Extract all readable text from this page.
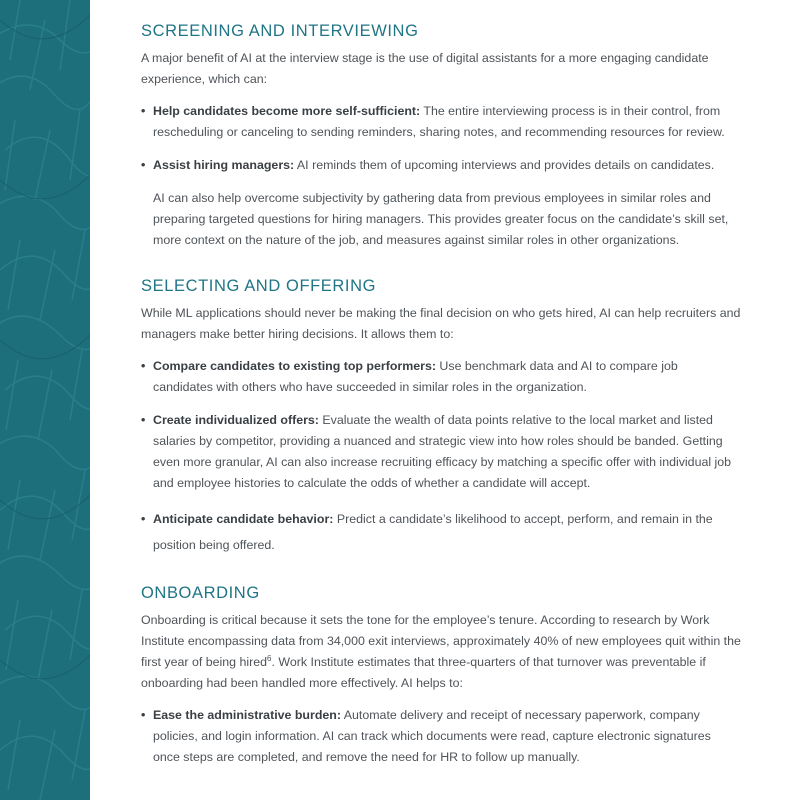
SCREENING AND INTERVIEWING

A major benefit of AI at the interview stage is the use of digital assistants for a more engaging candidate experience, which can:

• Help candidates become more self-sufficient: The entire interviewing process is in their control, from rescheduling or canceling to sending reminders, sharing notes, and recommending resources for review.
• Assist hiring managers: AI reminds them of upcoming interviews and provides details on candidates.

AI can also help overcome subjectivity by gathering data from previous employees in similar roles and preparing targeted questions for hiring managers. This provides greater focus on the candidate’s skill set, more context on the nature of the job, and measures against similar roles in other organizations.

SELECTING AND OFFERING

While ML applications should never be making the final decision on who gets hired, AI can help recruiters and managers make better hiring decisions. It allows them to:

• Compare candidates to existing top performers: Use benchmark data and AI to compare job candidates with others who have succeeded in similar roles in the organization.
• Create individualized offers: Evaluate the wealth of data points relative to the local market and listed salaries by competitor, providing a nuanced and strategic view into how roles should be banded. Getting even more granular, AI can also increase recruiting efficacy by matching a specific offer with individual job and employee histories to calculate the odds of whether a candidate will accept.
• Anticipate candidate behavior: Predict a candidate’s likelihood to accept, perform, and remain in the position being offered.
ONBOARDING

Onboarding is critical because it sets the tone for the employee’s tenure. According to research by Work Institute encompassing data from 34,000 exit interviews, approximately 40% of new employees quit within the first year of being hired$^6$. Work Institute estimates that three-quarters of that turnover was preventable if onboarding had been handled more effectively. AI helps to:

• Ease the administrative burden: Automate delivery and receipt of necessary paperwork, company policies, and login information. AI can track which documents were read, capture electronic signatures once steps are completed, and remove the need for HR to follow up manually.
